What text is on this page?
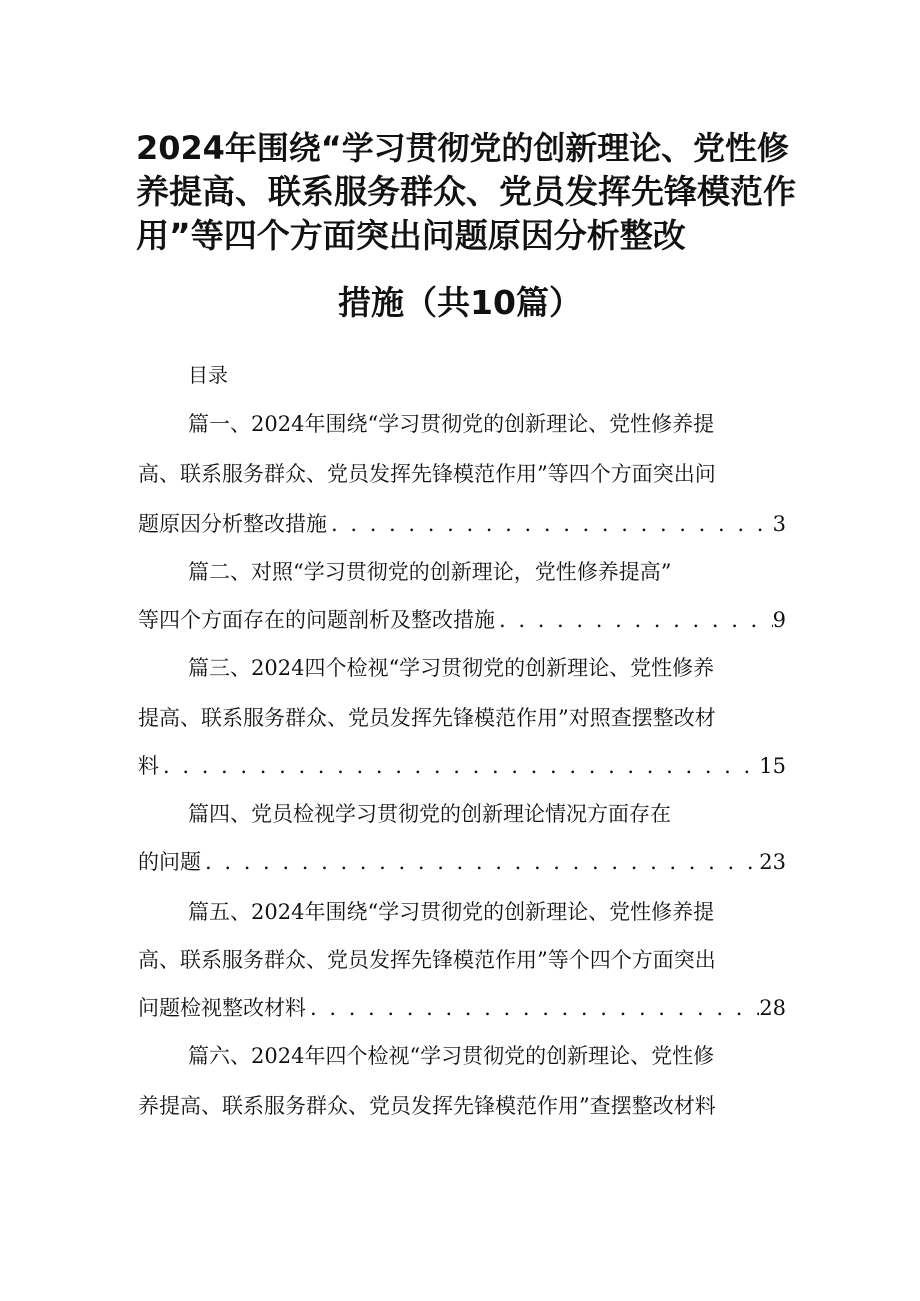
2024年围绕“学习贯彻党的创新理论、党性修
养提高、联系服务群众、党员发挥先锋模范作
用”等四个方面突出问题原因分析整改
措施（共10篇）
目录
篇一、2024年围绕“学习贯彻党的创新理论、党性修养提
高、联系服务群众、党员发挥先锋模范作用”等四个方面突出问
题原因分析整改措施 . . .	3
篇二、对照“学习贯彻党的创新理论，党性修养提高”
等四个方面存在的问题剖析及整改措施 . . .	9
篇三、2024四个检视“学习贯彻党的创新理论、党性修养
提高、联系服务群众、党员发挥先锋模范作用”对照查摆整改材
料 . . .	15
篇四、党员检视学习贯彻党的创新理论情况方面存在
的问题 . . .	23
篇五、2024年围绕“学习贯彻党的创新理论、党性修养提
高、联系服务群众、党员发挥先锋模范作用”等个四个方面突出
问题检视整改材料 . . .	28
篇六、2024年四个检视“学习贯彻党的创新理论、党性修
养提高、联系服务群众、党员发挥先锋模范作用”查摆整改材料
